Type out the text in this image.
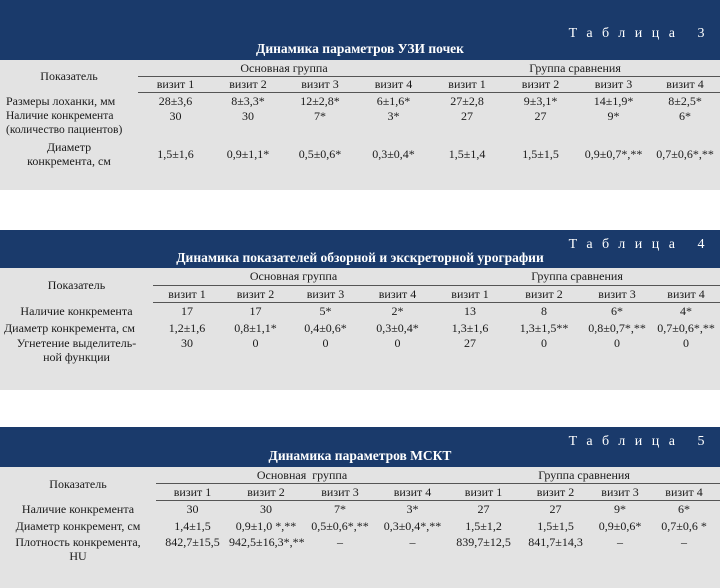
Таблица 3
Динамика параметров УЗИ почек
Показатель	Основная группа				Группа сравнения			
	визит 1	визит 2	визит 3	визит 4	визит 1	визит 2	визит 3	визит 4
Размеры лоханки, мм	28±3,6	8±3,3*	12±2,8*	6±1,6*	27±2,8	9±3,1*	14±1,9*	8±2,5*
Наличие конкремента (количество пациентов)	30	30	7*	3*	27	27	9*	6*
Диаметр конкремента, см	1,5±1,6	0,9±1,1*	0,5±0,6*	0,3±0,4*	1,5±1,4	1,5±1,5	0,9±0,7*,**	0,7±0,6*,**
Таблица 4
Динамика показателей обзорной и экскреторной урографии
Показатель	Основная группа				Группа сравнения			
	визит 1	визит 2	визит 3	визит 4	визит 1	визит 2	визит 3	визит 4
Наличие конкремента	17	17	5*	2*	13	8	6*	4*
Диаметр конкремента, см	1,2±1,6	0,8±1,1*	0,4±0,6*	0,3±0,4*	1,3±1,6	1,3±1,5**	0,8±0,7*,**	0,7±0,6*,**
Угнетение выделитель-ной функции	30	0	0	0	27	0	0	0
Таблица 5
Динамика параметров МСКТ
Показатель	Основная  группа				Группа сравнения			
	визит 1	визит 2	визит 3	визит 4	визит 1	визит 2	визит 3	визит 4
Наличие конкремента	30	30	7*	3*	27	27	9*	6*
Диаметр конкремент, см	1,4±1,5	0,9±1,0 *,**	0,5±0,6*,**	0,3±0,4*,**	1,5±1,2	1,5±1,5	0,9±0,6*	0,7±0,6 *
Плотность конкремента, HU	842,7±15,5	942,5±16,3*,**	–	–	839,7±12,5	841,7±14,3	–	–
